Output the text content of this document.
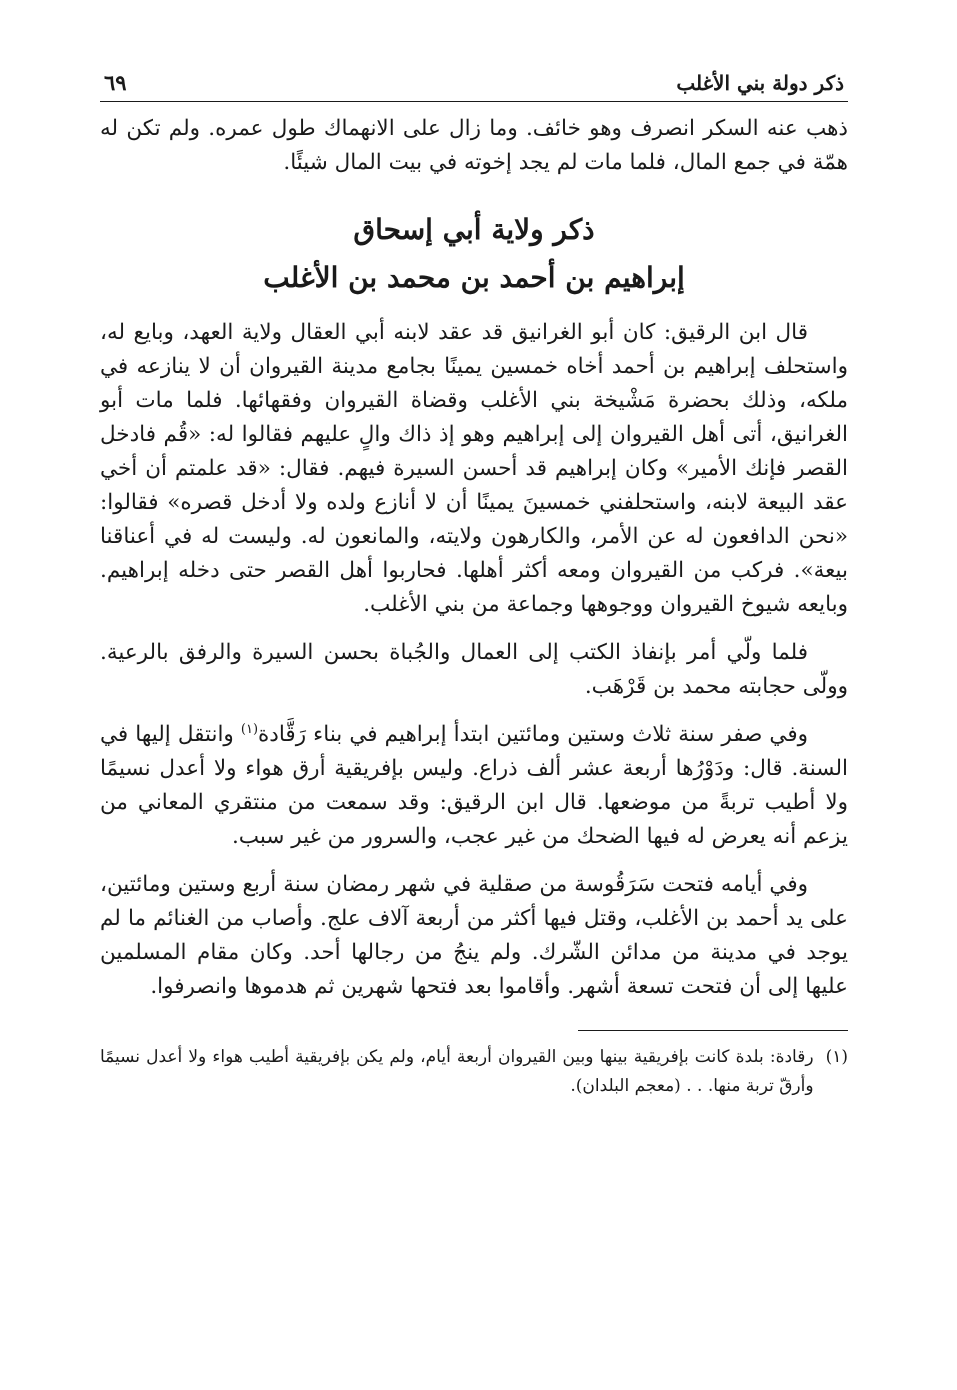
ذكر دولة بني الأغلب
٦٩

ذهب عنه السكر انصرف وهو خائف. وما زال على الانهماك طول عمره. ولم تكن له همّة في جمع المال، فلما مات لم يجد إخوته في بيت المال شيئًا.

ذكر ولاية أبي إسحاق
إبراهيم بن أحمد بن محمد بن الأغلب

قال ابن الرقيق: كان أبو الغرانيق قد عقد لابنه أبي العقال ولاية العهد، وبايع له، واستحلف إبراهيم بن أحمد أخاه خمسين يمينًا بجامع مدينة القيروان أن لا ينازعه في ملكه، وذلك بحضرة مَشْيخة بني الأغلب وقضاة القيروان وفقهائها. فلما مات أبو الغرانيق، أتى أهل القيروان إلى إبراهيم وهو إذ ذاك والٍ عليهم فقالوا له: «قُم فادخل القصر فإنك الأمير» وكان إبراهيم قد أحسن السيرة فيهم. فقال: «قد علمتم أن أخي عقد البيعة لابنه، واستحلفني خمسينَ يمينًا أن لا أنازع ولده ولا أدخل قصره» فقالوا: «نحن الدافعون له عن الأمر، والكارهون ولايته، والمانعون له. وليست له في أعناقنا بيعة». فركب من القيروان ومعه أكثر أهلها. فحاربوا أهل القصر حتى دخله إبراهيم. وبايعه شيوخ القيروان ووجوهها وجماعة من بني الأغلب.

فلما ولّي أمر بإنفاذ الكتب إلى العمال والجُباة بحسن السيرة والرفق بالرعية. وولّى حجابته محمد بن قَرْهَب.

وفي صفر سنة ثلاث وستين ومائتين ابتدأ إبراهيم في بناء رَقَّادة$^{(١)}$ وانتقل إليها في السنة. قال: ودَوْرُها أربعة عشر ألف ذراع. وليس بإفريقية أرق هواء ولا أعدل نسيمًا ولا أطيب تربةً من موضعها. قال ابن الرقيق: وقد سمعت من منتقري المعاني من يزعم أنه يعرض له فيها الضحك من غير عجب، والسرور من غير سبب.

وفي أيامه فتحت سَرَقُوسة من صقلية في شهر رمضان سنة أربع وستين ومائتين، على يد أحمد بن الأغلب، وقتل فيها أكثر من أربعة آلاف علج. وأصاب من الغنائم ما لم يوجد في مدينة من مدائن الشّرك. ولم ينجُ من رجالها أحد. وكان مقام المسلمين عليها إلى أن فتحت تسعة أشهر. وأقاموا بعد فتحها شهرين ثم هدموها وانصرفوا.

(١)
رقادة: بلدة كانت بإفريقية بينها وبين القيروان أربعة أيام، ولم يكن بإفريقية أطيب هواء ولا أعدل نسيمًا وأرقّ تربة منها. . . (معجم البلدان).
